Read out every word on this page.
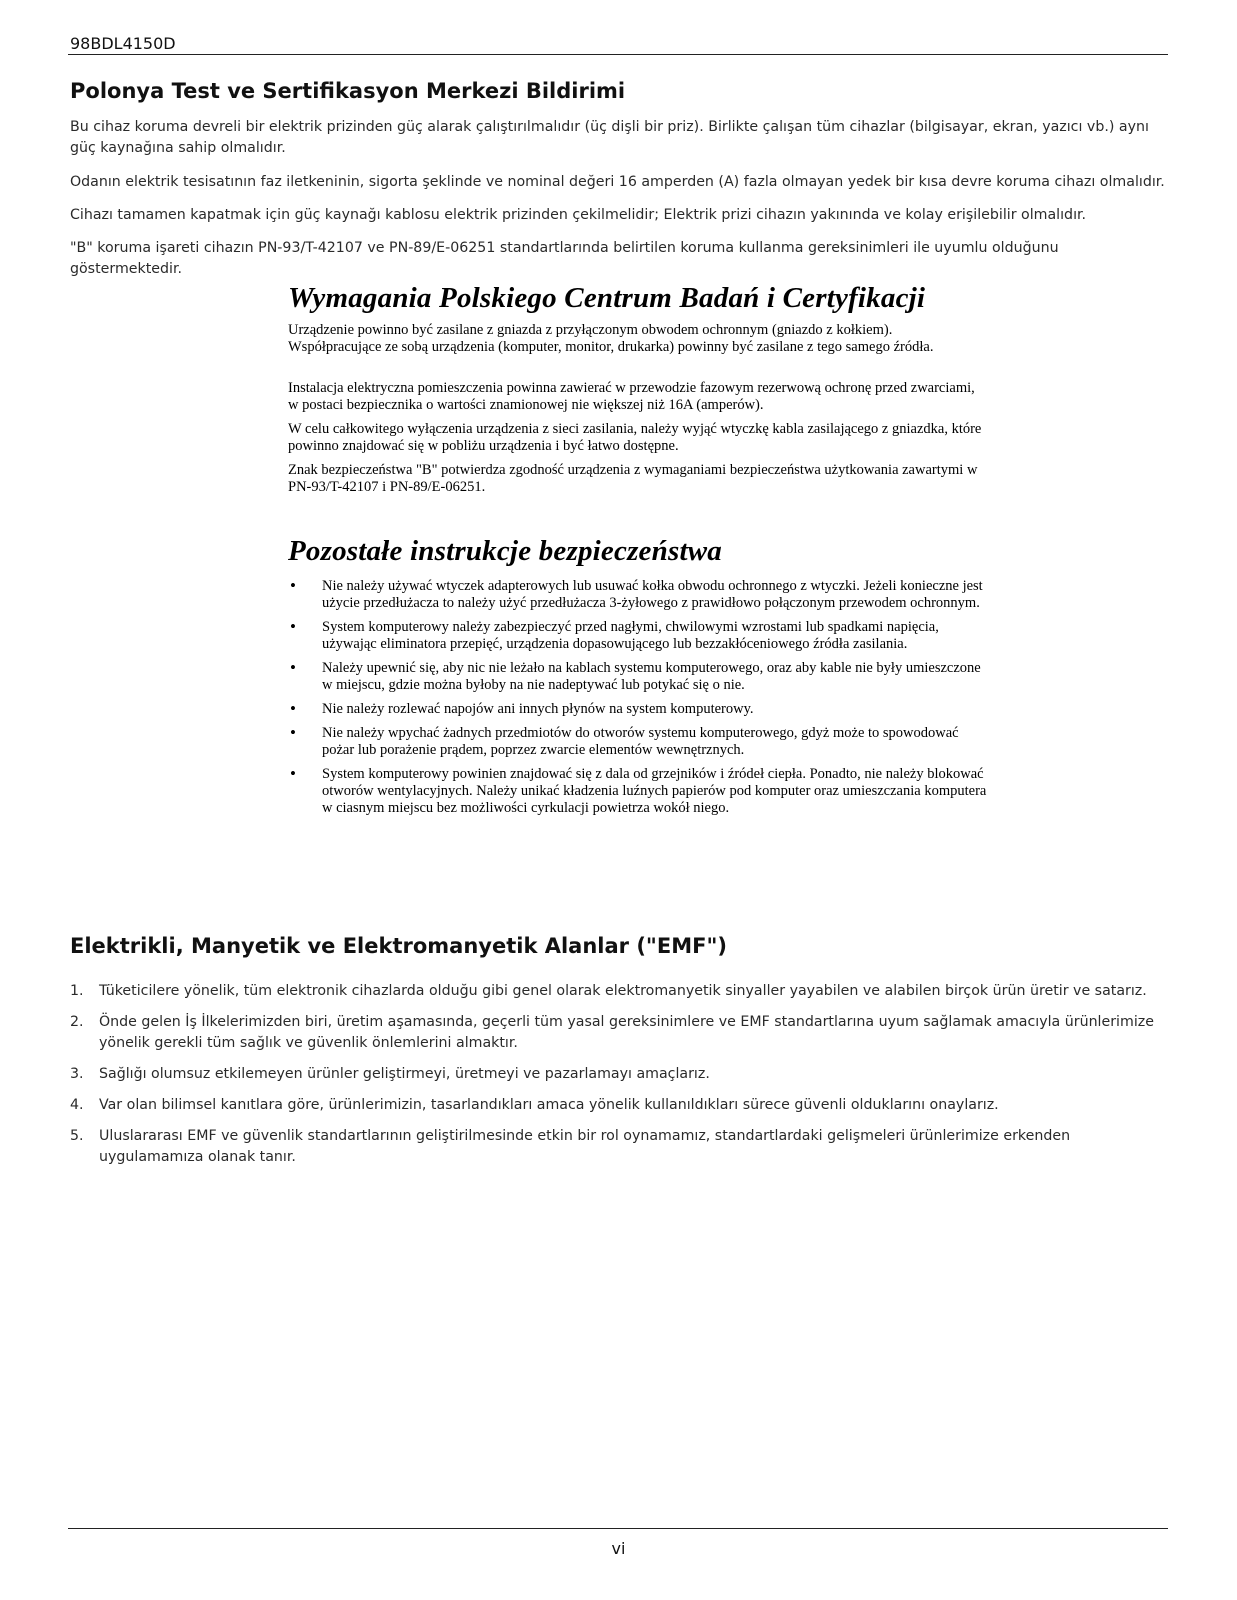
98BDL4150D
Polonya Test ve Sertifikasyon Merkezi Bildirimi

Bu cihaz koruma devreli bir elektrik prizinden güç alarak çalıştırılmalıdır (üç dişli bir priz). Birlikte çalışan tüm cihazlar (bilgisayar, ekran, yazıcı vb.) aynı güç kaynağına sahip olmalıdır.

Odanın elektrik tesisatının faz iletkeninin, sigorta şeklinde ve nominal değeri 16 amperden (A) fazla olmayan yedek bir kısa devre koruma cihazı olmalıdır.

Cihazı tamamen kapatmak için güç kaynağı kablosu elektrik prizinden çekilmelidir; Elektrik prizi cihazın yakınında ve kolay erişilebilir olmalıdır.

"B" koruma işareti cihazın PN-93/T-42107 ve PN-89/E-06251 standartlarında belirtilen koruma kullanma gereksinimleri ile uyumlu olduğunu göstermektedir.

Wymagania Polskiego Centrum Badań i Certyfikacji

Urządzenie powinno być zasilane z gniazda z przyłączonym obwodem ochronnym (gniazdo z kołkiem). Współpracujące ze sobą urządzenia (komputer, monitor, drukarka) powinny być zasilane z tego samego źródła.

Instalacja elektryczna pomieszczenia powinna zawierać w przewodzie fazowym rezerwową ochronę przed zwarciami, w postaci bezpiecznika o wartości znamionowej nie większej niż 16A (amperów).

W celu całkowitego wyłączenia urządzenia z sieci zasilania, należy wyjąć wtyczkę kabla zasilającego z gniazdka, które powinno znajdować się w pobliżu urządzenia i być łatwo dostępne.

Znak bezpieczeństwa "B" potwierdza zgodność urządzenia z wymaganiami bezpieczeństwa użytkowania zawartymi w PN-93/T-42107 i PN-89/E-06251.

Pozostałe instrukcje bezpieczeństwa
• Nie należy używać wtyczek adapterowych lub usuwać kołka obwodu ochronnego z wtyczki. Jeżeli konieczne jest użycie przedłużacza to należy użyć przedłużacza 3-żyłowego z prawidłowo połączonym przewodem ochronnym.
• System komputerowy należy zabezpieczyć przed nagłymi, chwilowymi wzrostami lub spadkami napięcia, używając eliminatora przepięć, urządzenia dopasowującego lub bezzakłóceniowego źródła zasilania.
• Należy upewnić się, aby nic nie leżało na kablach systemu komputerowego, oraz aby kable nie były umieszczone w miejscu, gdzie można byłoby na nie nadeptywać lub potykać się o nie.
• Nie należy rozlewać napojów ani innych płynów na system komputerowy.
• Nie należy wpychać żadnych przedmiotów do otworów systemu komputerowego, gdyż może to spowodować pożar lub porażenie prądem, poprzez zwarcie elementów wewnętrznych.
• System komputerowy powinien znajdować się z dala od grzejników i źródeł ciepła. Ponadto, nie należy blokować otworów wentylacyjnych. Należy unikać kładzenia luźnych papierów pod komputer oraz umieszczania komputera w ciasnym miejscu bez możliwości cyrkulacji powietrza wokół niego.
Elektrikli, Manyetik ve Elektromanyetik Alanlar ("EMF")
1. Tüketicilere yönelik, tüm elektronik cihazlarda olduğu gibi genel olarak elektromanyetik sinyaller yayabilen ve alabilen birçok ürün üretir ve satarız.
2. Önde gelen İş İlkelerimizden biri, üretim aşamasında, geçerli tüm yasal gereksinimlere ve EMF standartlarına uyum sağlamak amacıyla ürünlerimize yönelik gerekli tüm sağlık ve güvenlik önlemlerini almaktır.
3. Sağlığı olumsuz etkilemeyen ürünler geliştirmeyi, üretmeyi ve pazarlamayı amaçlarız.
4. Var olan bilimsel kanıtlara göre, ürünlerimizin, tasarlandıkları amaca yönelik kullanıldıkları sürece güvenli olduklarını onaylarız.
5. Uluslararası EMF ve güvenlik standartlarının geliştirilmesinde etkin bir rol oynamamız, standartlardaki gelişmeleri ürünlerimize erkenden uygulamamıza olanak tanır.
vi
